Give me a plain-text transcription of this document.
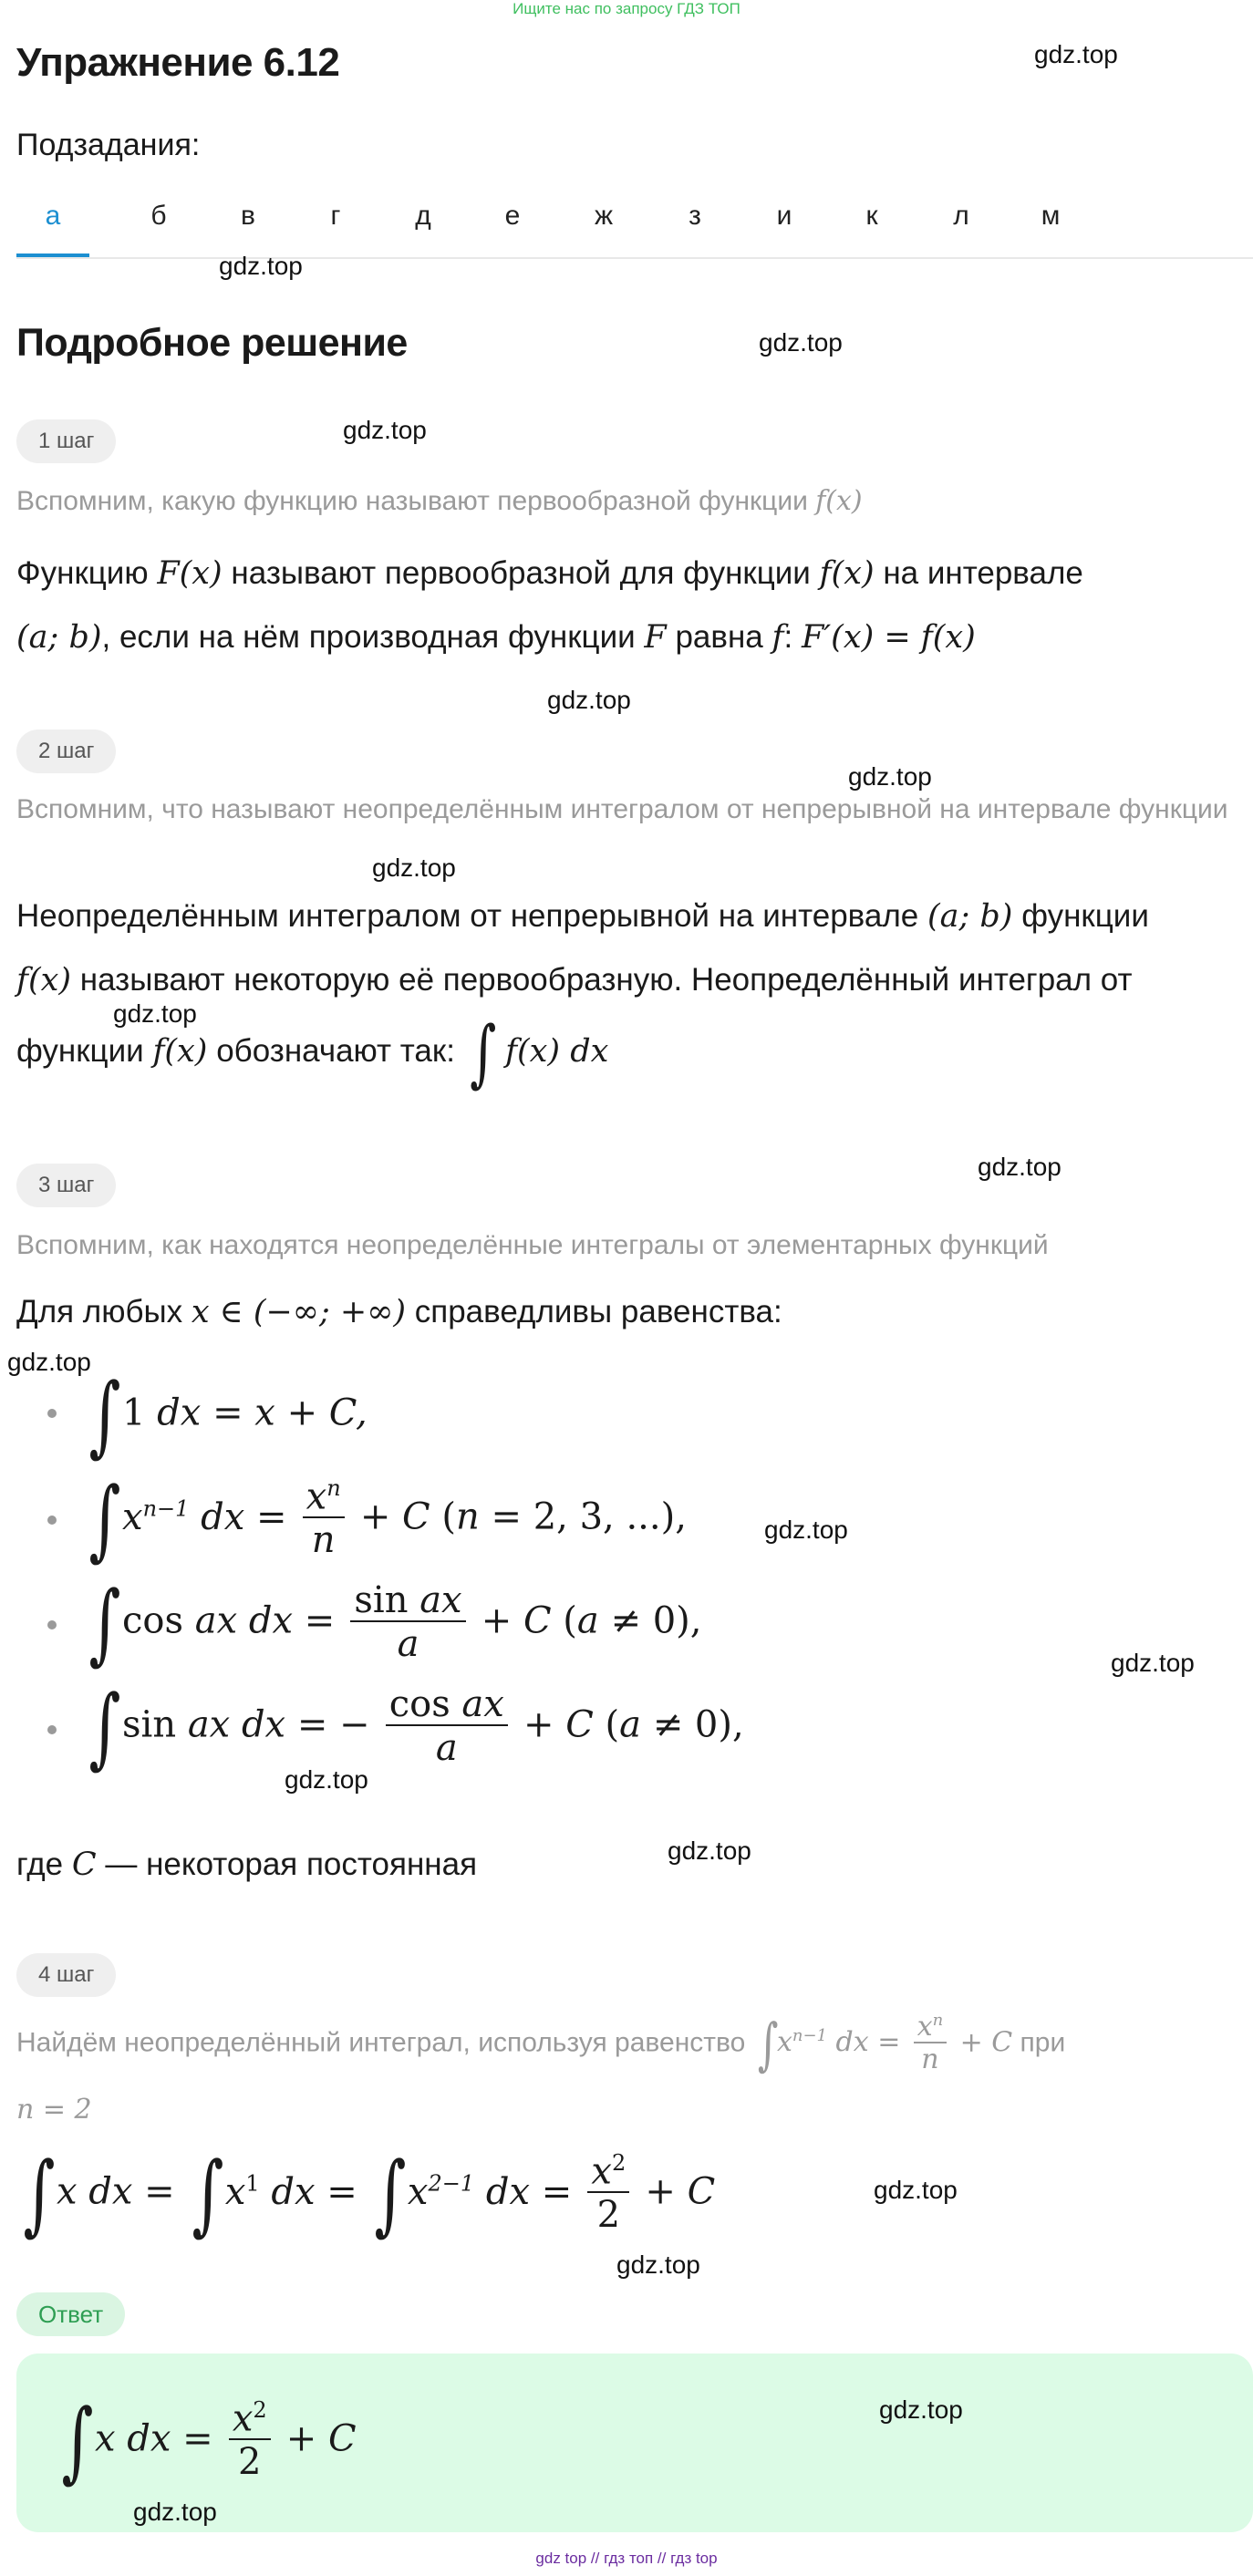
Ищите нас по запросу ГДЗ ТОП
Упражнение 6.12	gdz.top
Подзадания:
а	б	в	г	д	е	ж	з	и	к	л	м
gdz.top
Подробное решение	gdz.top
1 шаг	gdz.top
Вспомним, какую функцию называют первообразной функции f(x)
Функцию F(x) называют первообразной для функции f(x) на интервале
(a; b), если на нём производная функции F равна f: F′(x) = f(x)
gdz.top
2 шаг
gdz.top
Вспомним, что называют неопределённым интегралом от непрерывной на интервале функции
gdz.top
Неопределённым интегралом от непрерывной на интервале (a; b) функции
f(x) называют некоторую её первообразную. Неопределённый интеграл от
gdz.top
функции f(x) обозначают так: ∫ f(x) dx
3 шаг
gdz.top
Вспомним, как находятся неопределённые интегралы от элементарных функций
Для любых x ∈ (−∞; +∞) справедливы равенства:
gdz.top
∫1 dx = x + C,
$\int x^{n-1}$ dx = $\frac{x^n}{n} + C$ (n = 2, 3, ...),	gdz.top
∫cos ax dx = $\frac{\text{sin ax}}{a} + C$ (a ≠ 0),
gdz.top
∫sin ax dx = − $\frac{\text{cos ax}}{a} + C$ (a ≠ 0),
gdz.top
где C — некоторая постоянная	gdz.top
4 шаг
Найдём неопределённый интеграл, используя равенство $\int x^{n-1}$ dx = $\frac{x^n}{n} + C$ при
n = 2
∫x dx = $\int x^1$ dx = $\int x^{2-1}$ dx = $\frac{x^2}{2} + C$	gdz.top
gdz.top
Ответ
∫x dx = $\frac{x^2}{2} + C$
gdz.top
gdz.top
gdz top // гдз топ // гдз top
